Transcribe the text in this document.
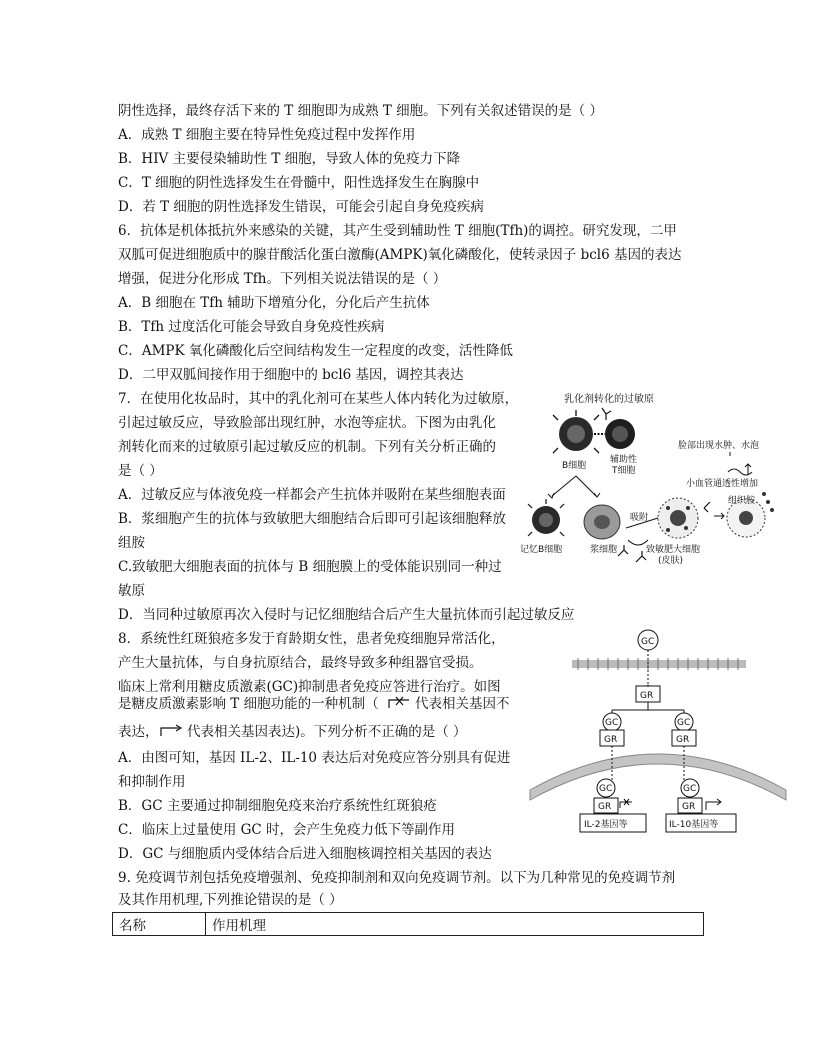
阴性选择，最终存活下来的 T 细胞即为成熟 T 细胞。下列有关叙述错误的是（ ）
A．成熟 T 细胞主要在特异性免疫过程中发挥作用
B．HIV 主要侵染辅助性 T 细胞，导致人体的免疫力下降
C．T 细胞的阴性选择发生在骨髓中，阳性选择发生在胸腺中
D．若 T 细胞的阴性选择发生错误，可能会引起自身免疫疾病
6．抗体是机体抵抗外来感染的关键，其产生受到辅助性 T 细胞(Tfh)的调控。研究发现，二甲
双胍可促进细胞质中的腺苷酸活化蛋白激酶(AMPK)氧化磷酸化，使转录因子 bcl6 基因的表达
增强，促进分化形成 Tfh。下列相关说法错误的是（ ）
A．B 细胞在 Tfh 辅助下增殖分化，分化后产生抗体
B．Tfh 过度活化可能会导致自身免疫性疾病
C．AMPK 氧化磷酸化后空间结构发生一定程度的改变，活性降低
D．二甲双胍间接作用于细胞中的 bcl6 基因，调控其表达
7．在使用化妆品时，其中的乳化剂可在某些人体内转化为过敏原，
引起过敏反应，导致脸部出现红肿，水泡等症状。下图为由乳化
剂转化而来的过敏原引起过敏反应的机制。下列有关分析正确的
是（ ）
A．过敏反应与体液免疫一样都会产生抗体并吸附在某些细胞表面
B．浆细胞产生的抗体与致敏肥大细胞结合后即可引起该细胞释放
组胺
C.致敏肥大细胞表面的抗体与 B 细胞膜上的受体能识别同一种过
敏原
D．当同种过敏原再次入侵时与记忆细胞结合后产生大量抗体而引起过敏反应
8．系统性红斑狼疮多发于育龄期女性，患者免疫细胞异常活化，
产生大量抗体，与自身抗原结合，最终导致多种组器官受损。
临床上常利用糖皮质激素(GC)抑制患者免疫应答进行治疗。如图
是糖皮质激素影响 T 细胞功能的一种机制（	代表相关基因不
表达， 代表相关基因表达)。下列分析不正确的是（ ）
A．由图可知，基因 IL-2、IL-10 表达后对免疫应答分别具有促进
和抑制作用
B．GC 主要通过抑制细胞免疫来治疗系统性红斑狼疮
C．临床上过量使用 GC 时，会产生免疫力低下等副作用
D．GC 与细胞质内受体结合后进入细胞核调控相关基因的表达
9. 免疫调节剂包括免疫增强剂、免疫抑制剂和双向免疫调节剂。以下为几种常见的免疫调节剂
及其作用机理,下列推论错误的是（ ）
乳化剂转化的过敏原
B细胞
辅助性
T细胞
记忆B细胞	浆细胞
吸附
致敏肥大细胞
(皮肤)
组织胺
小血管通透性增加
脸部出现水肿、水泡
GC
GR
GC
GR
GC
GR
GC
GR
IL-2基因等
GC
GR
IL-10基因等
名称	作用机理
